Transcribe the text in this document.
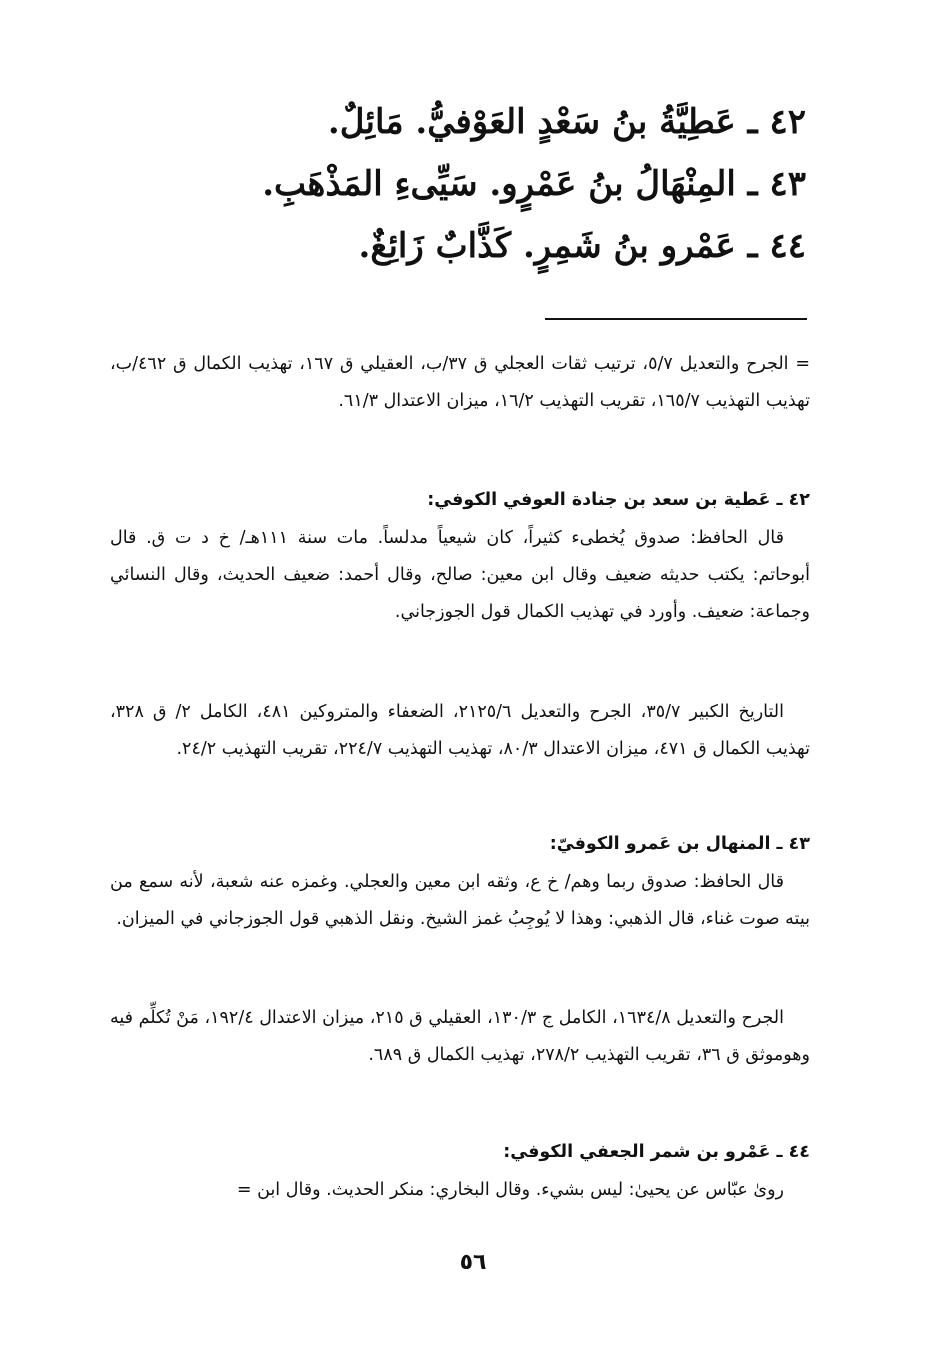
٤٢ ـ عَطِيَّةُ بنُ سَعْدٍ العَوْفيُّ. مَائِلٌ.
٤٣ ـ المِنْهَالُ بنُ عَمْرٍو. سَيِّىءِ المَذْهَبِ.
٤٤ ـ عَمْرو بنُ شَمِرٍ. كَذَّابٌ زَائِغٌ.

= الجرح والتعديل ٥/٧، ترتيب ثقات العجلي ق ٣٧/ب، العقيلي ق ١٦٧، تهذيب الكمال ق ٤٦٢/ب، تهذيب التهذيب ١٦٥/٧، تقريب التهذيب ١٦/٢، ميزان الاعتدال ٦١/٣.

٤٢ ـ عَطية بن سعد بن جنادة العوفي الكوفي:

قال الحافظ: صدوق يُخطىء كثيراً، كان شيعياً مدلساً. مات سنة ١١١هـ/ خ د ت ق. قال أبوحاتم: يكتب حديثه ضعيف وقال ابن معين: صالح، وقال أحمد: ضعيف الحديث، وقال النسائي وجماعة: ضعيف. وأورد في تهذيب الكمال قول الجوزجاني.

التاريخ الكبير ٣٥/٧، الجرح والتعديل ٢١٢٥/٦، الضعفاء والمتروكين ٤٨١، الكامل ٢/ ق ٣٢٨، تهذيب الكمال ق ٤٧١، ميزان الاعتدال ٨٠/٣، تهذيب التهذيب ٢٢٤/٧، تقريب التهذيب ٢٤/٢.

٤٣ ـ المنهال بن عَمرو الكوفيّ:

قال الحافظ: صدوق ربما وهم/ خ ع، وثقه ابن معين والعجلي. وغمزه عنه شعبة، لأنه سمع من بيته صوت غناء، قال الذهبي: وهذا لا يُوجِبُ غمز الشيخ. ونقل الذهبي قول الجوزجاني في الميزان.

الجرح والتعديل ١٦٣٤/٨، الكامل ج ١٣٠/٣، العقيلي ق ٢١٥، ميزان الاعتدال ١٩٢/٤، مَنْ تُكلِّم فيه وهوموثق ق ٣٦، تقريب التهذيب ٢٧٨/٢، تهذيب الكمال ق ٦٨٩.

٤٤ ـ عَمْرو بن شمر الجعفي الكوفي:

روىٰ عبّاس عن يحيىٰ: ليس بشيء. وقال البخاري: منكر الحديث. وقال ابن =

٥٦
